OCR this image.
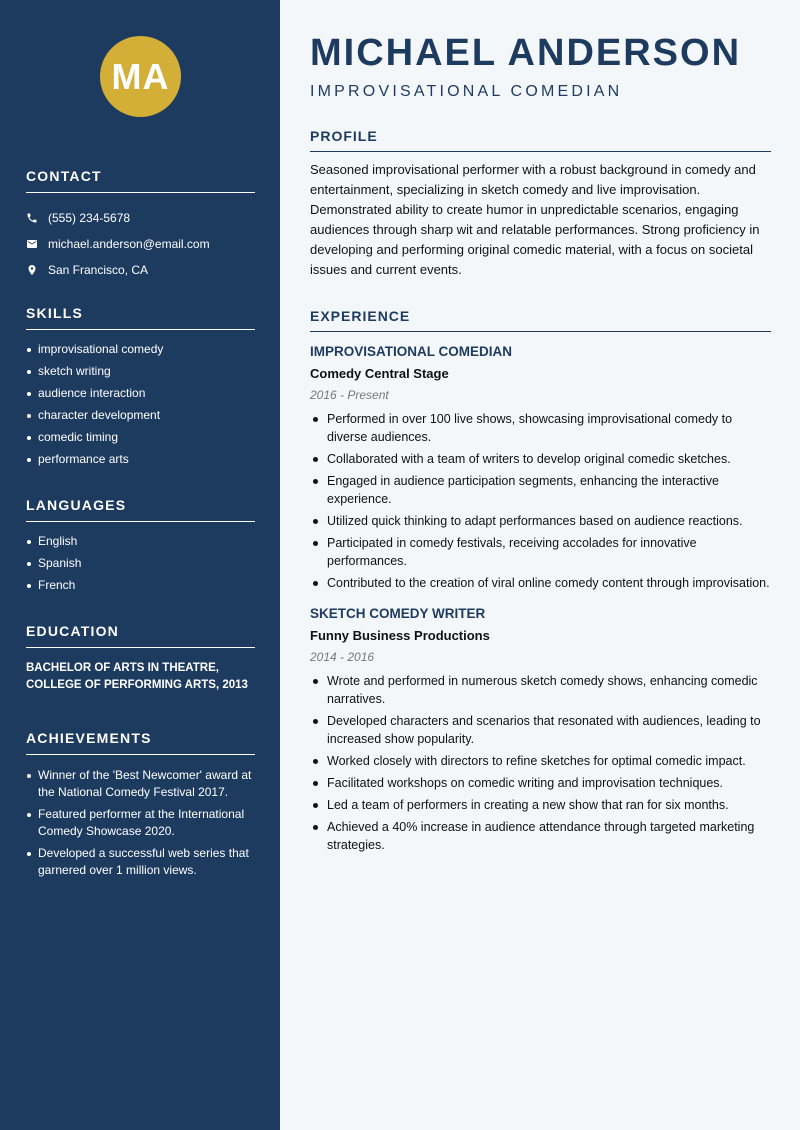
MA
CONTACT
(555) 234-5678
michael.anderson@email.com
San Francisco, CA
SKILLS
improvisational comedy
sketch writing
audience interaction
character development
comedic timing
performance arts
LANGUAGES
English
Spanish
French
EDUCATION
BACHELOR OF ARTS IN THEATRE,
COLLEGE OF PERFORMING ARTS, 2013
ACHIEVEMENTS
Winner of the 'Best Newcomer' award at the National Comedy Festival 2017.
Featured performer at the International Comedy Showcase 2020.
Developed a successful web series that garnered over 1 million views.
MICHAEL ANDERSON
IMPROVISATIONAL COMEDIAN
PROFILE
Seasoned improvisational performer with a robust background in comedy and entertainment, specializing in sketch comedy and live improvisation. Demonstrated ability to create humor in unpredictable scenarios, engaging audiences through sharp wit and relatable performances. Strong proficiency in developing and performing original comedic material, with a focus on societal issues and current events.
EXPERIENCE
IMPROVISATIONAL COMEDIAN
Comedy Central Stage
2016 - Present
Performed in over 100 live shows, showcasing improvisational comedy to diverse audiences.
Collaborated with a team of writers to develop original comedic sketches.
Engaged in audience participation segments, enhancing the interactive experience.
Utilized quick thinking to adapt performances based on audience reactions.
Participated in comedy festivals, receiving accolades for innovative performances.
Contributed to the creation of viral online comedy content through improvisation.
SKETCH COMEDY WRITER
Funny Business Productions
2014 - 2016
Wrote and performed in numerous sketch comedy shows, enhancing comedic narratives.
Developed characters and scenarios that resonated with audiences, leading to increased show popularity.
Worked closely with directors to refine sketches for optimal comedic impact.
Facilitated workshops on comedic writing and improvisation techniques.
Led a team of performers in creating a new show that ran for six months.
Achieved a 40% increase in audience attendance through targeted marketing strategies.
